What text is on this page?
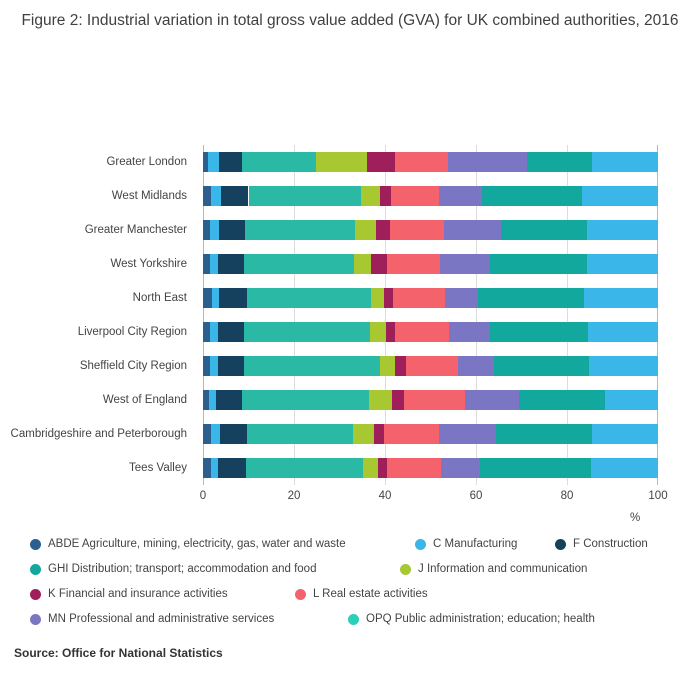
Figure 2: Industrial variation in total gross value added (GVA) for UK combined authorities, 2016
Greater London
West Midlands
Greater Manchester
West Yorkshire
North East
Liverpool City Region
Sheffield City Region
West of England
Cambridgeshire and Peterborough
Tees Valley
%
ABDE Agriculture, mining, electricity, gas, water and waste	C Manufacturing	F Construction
GHI Distribution; transport; accommodation and food	J Information and communication
K Financial and insurance activities	L Real estate activities
MN Professional and administrative services	OPQ Public administration; education; health
Source: Office for National Statistics
0	20	40	60	80	100
